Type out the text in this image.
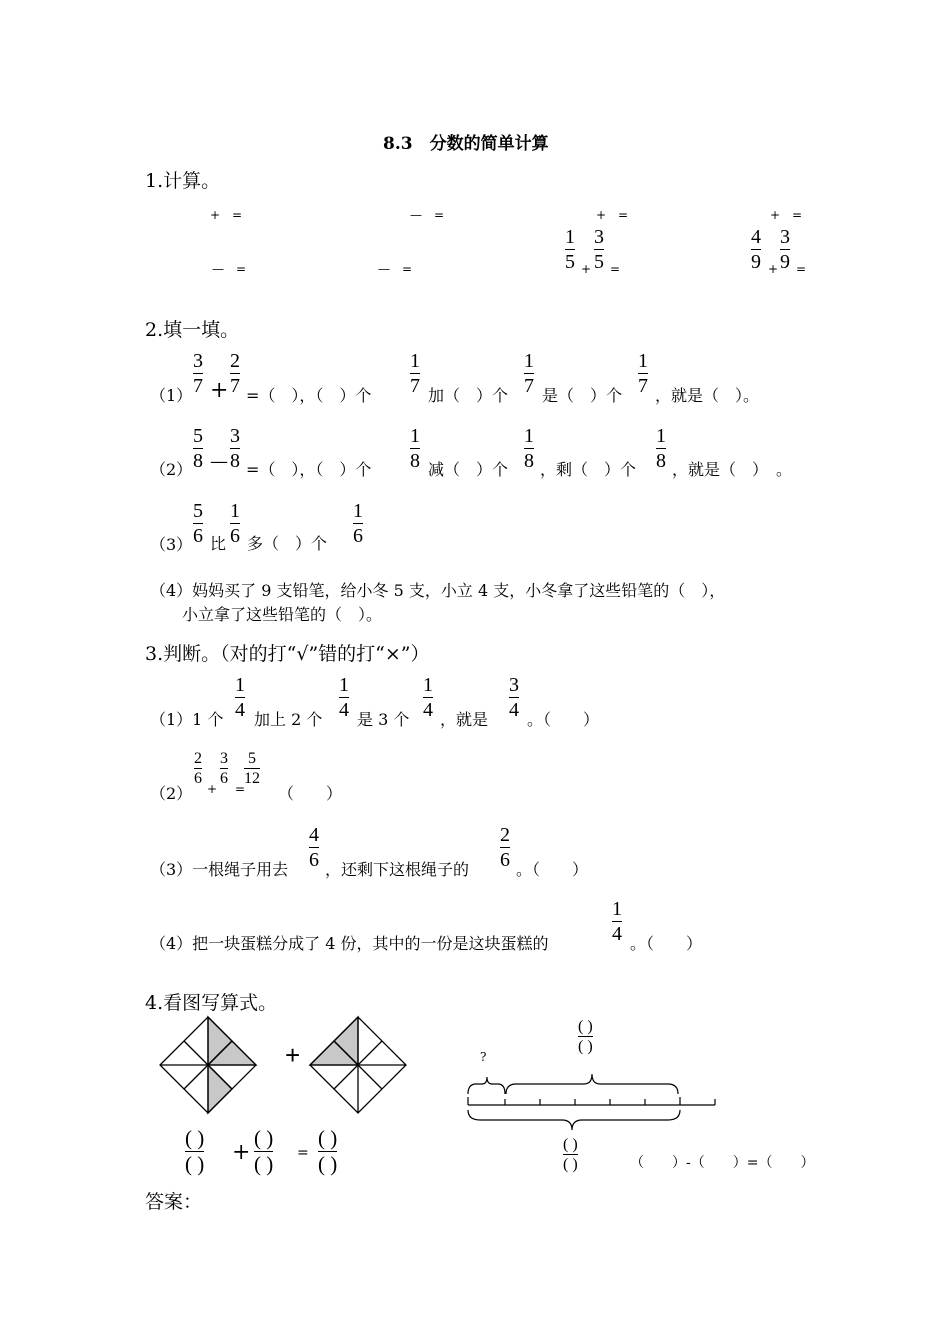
8.3　分数的简单计算
1.计算。
+　=	—　=	+　=	+　=
—　=	—　=
1
5 +
3
5 =
4
9 +
3
9 =
2.填一填。
（1）
3
7 +
2
7 =（　），（　）个
1
7 加（　）个
1
7 是（　）个
1
7 ，就是（　）。
（2）
5
8 —
3
8 =（　），（　）个
1
8 减（　）个
1
8 ，剩（　）个
1
8 ，就是（　）　。
（3）
5
6 比
1
6 多（　）个
1
6
（4）妈妈买了 9 支铅笔，给小冬 5 支，小立 4 支，小冬拿了这些铅笔的（　），
小立拿了这些铅笔的（　）。
3.判断。（对的打“√”错的打“×”）
（1）1 个
1
4 加上 2 个
1
4 是 3 个
1
4 ，就是
3
4 。（　　）
（2）
2
6
+
3
6
=
5
12
（　　）
（3）一根绳子用去
4
6 ，还剩下这根绳子的
2
6 。（　　）
（4）把一块蛋糕分成了 4 份，其中的一份是这块蛋糕的
1
4 。（　　）
4.看图写算式。
+
( )
( ) +
( )
( ) =
( )
( )
( )
( )
?
( )
( )	（　　）-（　　）=（　　）
答案：
